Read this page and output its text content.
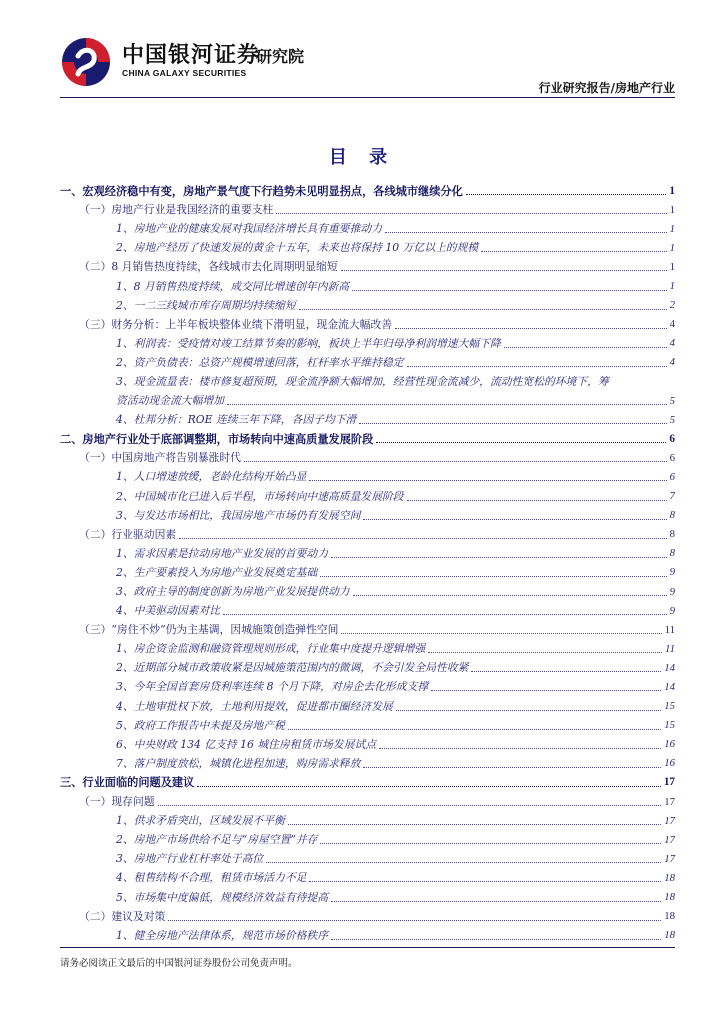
中国银河证券
CHINA GALAXY SECURITIES
研究院
行业研究报告/房地产行业
目 录
一、宏观经济稳中有变，房地产景气度下行趋势未见明显拐点，各线城市继续分化	1
（一）房地产行业是我国经济的重要支柱	1
1、房地产业的健康发展对我国经济增长具有重要推动力	1
2、房地产经历了快速发展的黄金十五年，未来也将保持 10 万亿以上的规模	1
（二）8 月销售热度持续，各线城市去化周期明显缩短	1
1、8 月销售热度持续，成交同比增速创年内新高	1
2、一二三线城市库存周期均持续缩短	2
（三）财务分析：上半年板块整体业绩下滑明显，现金流大幅改善	4
1、利润表：受疫情对竣工结算节奏的影响，板块上半年归母净利润增速大幅下降	4
2、资产负债表：总资产规模增速回落，杠杆率水平维持稳定	4
3、现金流量表：楼市修复超预期，现金流净额大幅增加，经营性现金流减少，流动性宽松的环境下，筹
资活动现金流大幅增加	5
4、杜邦分析：ROE 连续三年下降，各因子均下滑	5
二、房地产行业处于底部调整期，市场转向中速高质量发展阶段	6
（一）中国房地产将告别暴涨时代	6
1、人口增速放缓，老龄化结构开始凸显	6
2、中国城市化已进入后半程，市场转向中速高质量发展阶段	7
3、与发达市场相比，我国房地产市场仍有发展空间	8
（二）行业驱动因素	8
1、需求因素是拉动房地产业发展的首要动力	8
2、生产要素投入为房地产业发展奠定基础	9
3、政府主导的制度创新为房地产业发展提供动力	9
4、中美驱动因素对比	9
（三）“房住不炒”仍为主基调，因城施策创造弹性空间	11
1、房企资金监测和融资管理规则形成，行业集中度提升逻辑增强	11
2、近期部分城市政策收紧是因城施策范围内的微调，不会引发全局性收紧	14
3、今年全国首套房贷利率连续 8 个月下降，对房企去化形成支撑	14
4、土地审批权下放，土地利用提效，促进都市圈经济发展	15
5、政府工作报告中未提及房地产税	15
6、中央财政 134 亿支持 16 城住房租赁市场发展试点	16
7、落户制度放松，城镇化进程加速，购房需求释放	16
三、行业面临的问题及建议	17
（一）现存问题	17
1、供求矛盾突出，区域发展不平衡	17
2、房地产市场供给不足与“房屋空置”并存	17
3、房地产行业杠杆率处于高位	17
4、租售结构不合理，租赁市场活力不足	18
5、市场集中度偏低，规模经济效益有待提高	18
（二）建议及对策	18
1、健全房地产法律体系，规范市场价格秩序	18
请务必阅读正文最后的中国银河证券股份公司免责声明。
